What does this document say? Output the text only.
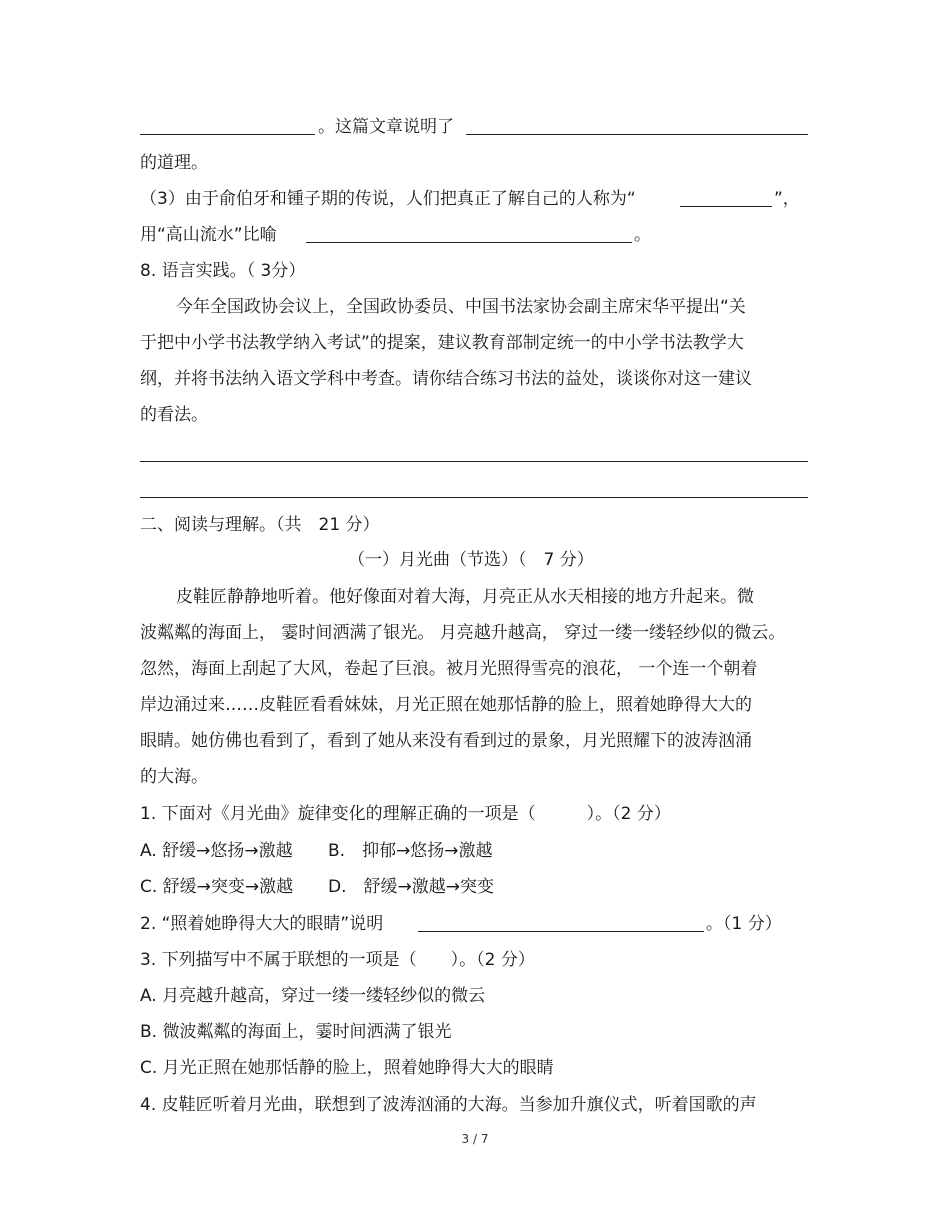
。这篇文章说明了
的道理。
（3）由于俞伯牙和锺子期的传说，人们把真正了解自己的人称为“	”，
用“高山流水”比喻	。
8. 语言实践。（ 3分）
今年全国政协会议上，全国政协委员、中国书法家协会副主席宋华平提出“关
于把中小学书法教学纳入考试”的提案，建议教育部制定统一的中小学书法教学大
纲，并将书法纳入语文学科中考查。请你结合练习书法的益处，谈谈你对这一建议
的看法。
二、阅读与理解。（共　21 分）
（一）月光曲（节选）（　7 分）
皮鞋匠静静地听着。他好像面对着大海，月亮正从水天相接的地方升起来。微
波粼粼的海面上， 霎时间洒满了银光。 月亮越升越高， 穿过一缕一缕轻纱似的微云。
忽然，海面上刮起了大风，卷起了巨浪。被月光照得雪亮的浪花， 一个连一个朝着
岸边涌过来……皮鞋匠看看妹妹，月光正照在她那恬静的脸上，照着她睁得大大的
眼睛。她仿佛也看到了，看到了她从来没有看到过的景象，月光照耀下的波涛汹涌
的大海。
1. 下面对《月光曲》旋律变化的理解正确的一项是（　　　）。（2 分）
A. 舒缓→悠扬→激越 B.　抑郁→悠扬→激越
C. 舒缓→突变→激越 D.　舒缓→激越→突变
2. “照着她睁得大大的眼睛”说明	。（1 分）
3. 下列描写中不属于联想的一项是（　　）。（2 分）
A. 月亮越升越高，穿过一缕一缕轻纱似的微云
B. 微波粼粼的海面上，霎时间洒满了银光
C. 月光正照在她那恬静的脸上，照着她睁得大大的眼睛
4. 皮鞋匠听着月光曲，联想到了波涛汹涌的大海。当参加升旗仪式，听着国歌的声
3 / 7
